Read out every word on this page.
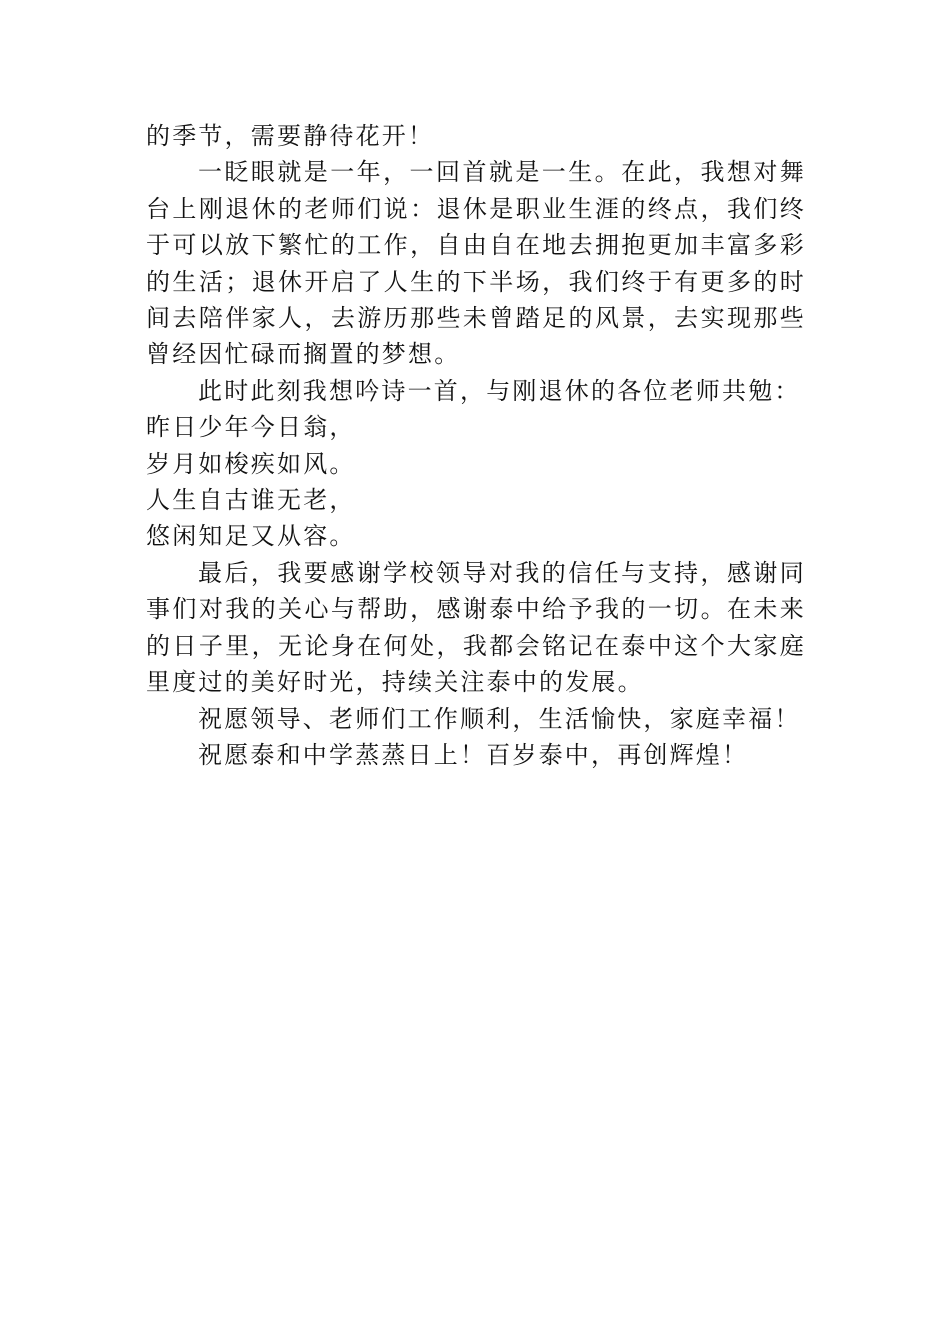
的季节，需要静待花开！

一眨眼就是一年，一回首就是一生。在此，我想对舞台上刚退休的老师们说：退休是职业生涯的终点，我们终于可以放下繁忙的工作，自由自在地去拥抱更加丰富多彩的生活；退休开启了人生的下半场，我们终于有更多的时间去陪伴家人，去游历那些未曾踏足的风景，去实现那些曾经因忙碌而搁置的梦想。

此时此刻我想吟诗一首，与刚退休的各位老师共勉：

昨日少年今日翁，

岁月如梭疾如风。

人生自古谁无老，

悠闲知足又从容。

最后，我要感谢学校领导对我的信任与支持，感谢同事们对我的关心与帮助，感谢泰中给予我的一切。在未来的日子里，无论身在何处，我都会铭记在泰中这个大家庭里度过的美好时光，持续关注泰中的发展。

祝愿领导、老师们工作顺利，生活愉快，家庭幸福！

祝愿泰和中学蒸蒸日上！百岁泰中，再创辉煌！
